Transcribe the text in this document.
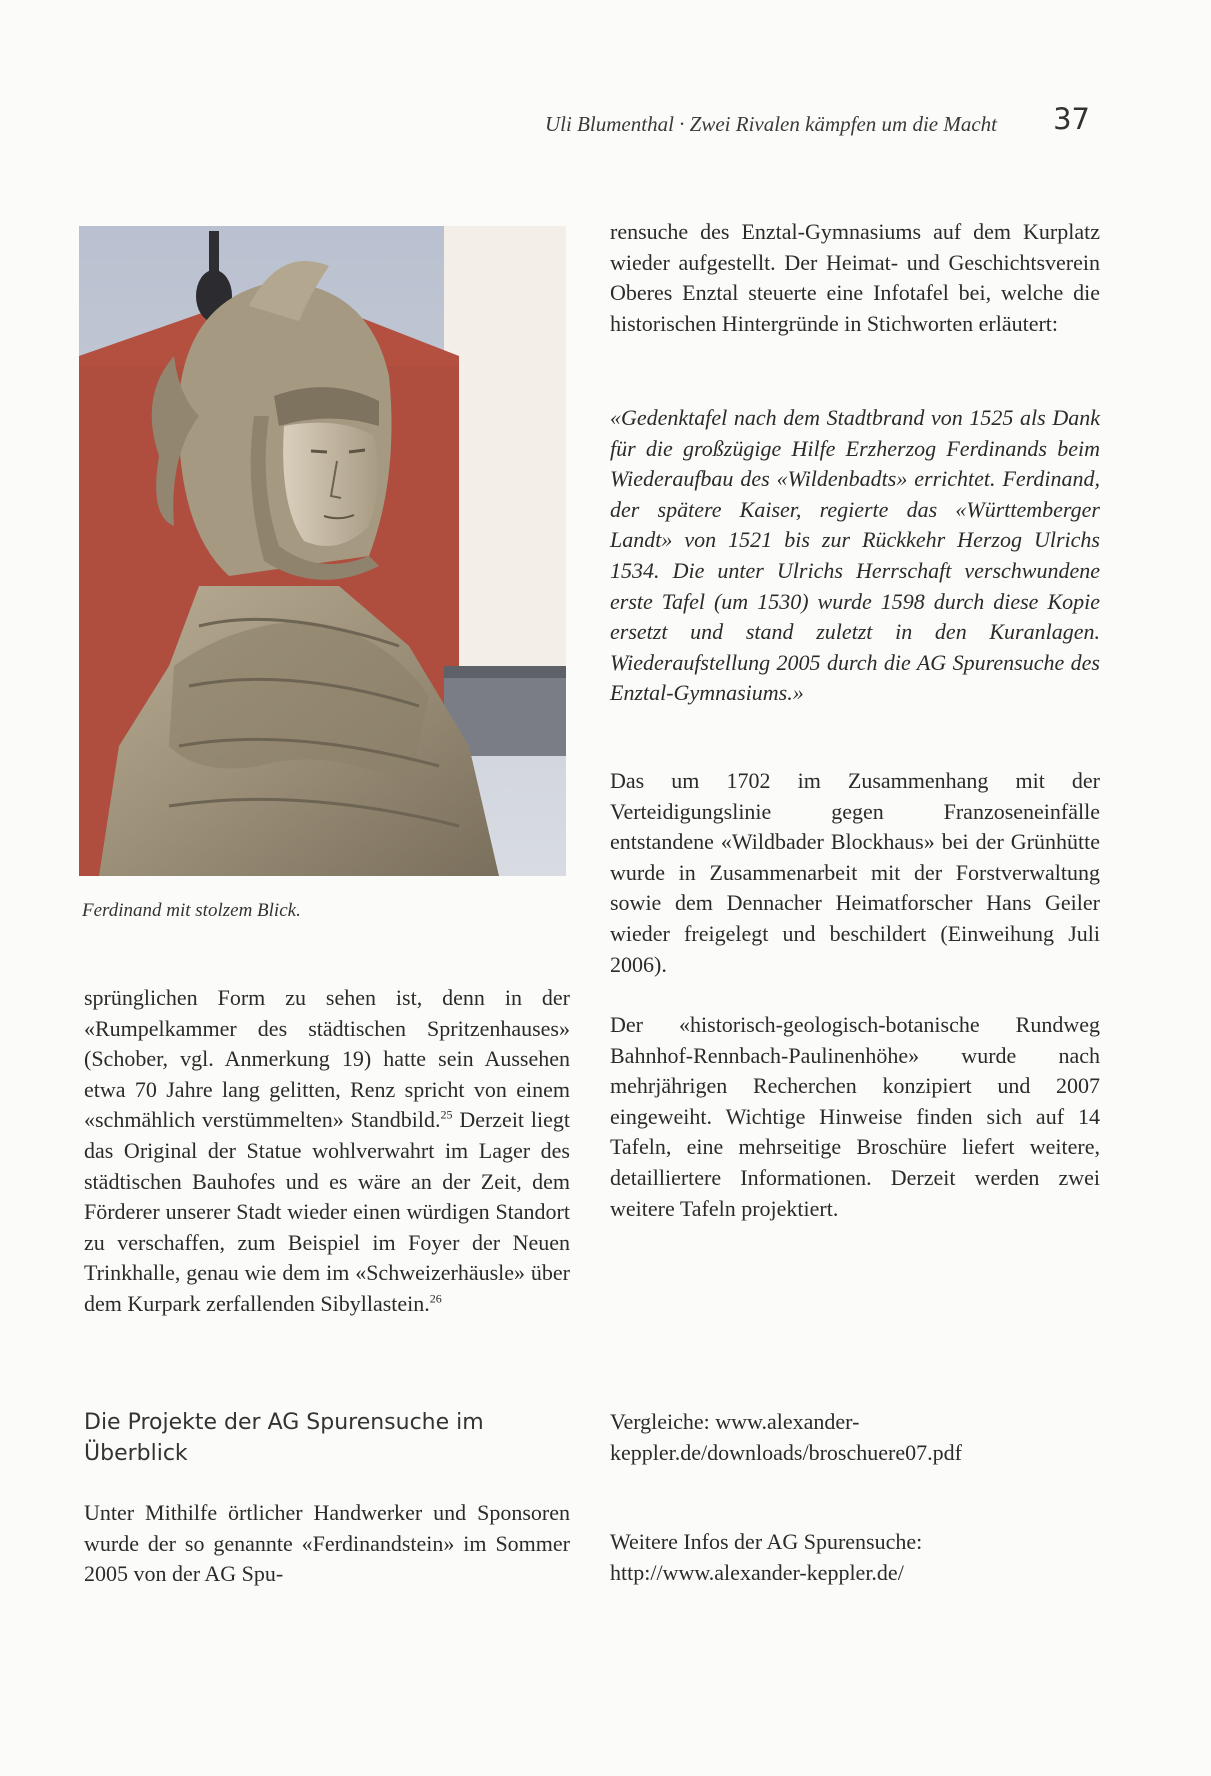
Uli Blumenthal · Zwei Rivalen kämpfen um die Macht 37
Ferdinand mit stolzem Blick.

sprünglichen Form zu sehen ist, denn in der «Rumpelkammer des städtischen Spritzenhauses» (Schober, vgl. Anmerkung 19) hatte sein Aussehen etwa 70 Jahre lang gelitten, Renz spricht von einem «schmählich verstümmelten» Standbild.$^{25}$ Derzeit liegt das Original der Statue wohlverwahrt im Lager des städtischen Bauhofes und es wäre an der Zeit, dem Förderer unserer Stadt wieder einen würdigen Standort zu verschaffen, zum Beispiel im Foyer der Neuen Trinkhalle, genau wie dem im «Schweizerhäusle» über dem Kurpark zerfallenden Sibyllastein.$^{26}$

Die Projekte der AG Spurensuche im Überblick
Unter Mithilfe örtlicher Handwerker und Sponsoren wurde der so genannte «Ferdinandstein» im Sommer 2005 von der AG Spu-
rensuche des Enztal-Gymnasiums auf dem Kurplatz wieder aufgestellt. Der Heimat- und Geschichtsverein Oberes Enztal steuerte eine Infotafel bei, welche die historischen Hintergründe in Stichworten erläutert:
«Gedenktafel nach dem Stadtbrand von 1525 als Dank für die großzügige Hilfe Erzherzog Ferdinands beim Wiederaufbau des «Wildenbadts» errichtet. Ferdinand, der spätere Kaiser, regierte das «Württemberger Landt» von 1521 bis zur Rückkehr Herzog Ulrichs 1534. Die unter Ulrichs Herrschaft verschwundene erste Tafel (um 1530) wurde 1598 durch diese Kopie ersetzt und stand zuletzt in den Kuranlagen. Wiederaufstellung 2005 durch die AG Spurensuche des Enztal-Gymnasiums.»
Das um 1702 im Zusammenhang mit der Verteidigungslinie gegen Franzoseneinfälle entstandene «Wildbader Blockhaus» bei der Grünhütte wurde in Zusammenarbeit mit der Forstverwaltung sowie dem Dennacher Heimatforscher Hans Geiler wieder freigelegt und beschildert (Einweihung Juli 2006).
Der «historisch-geologisch-botanische Rundweg Bahnhof-Rennbach-Paulinenhöhe» wurde nach mehrjährigen Recherchen konzipiert und 2007 eingeweiht. Wichtige Hinweise finden sich auf 14 Tafeln, eine mehrseitige Broschüre liefert weitere, detailliertere Informationen. Derzeit werden zwei weitere Tafeln projektiert.
Vergleiche: www.alexander-keppler.de/downloads/broschuere07.pdf
Weitere Infos der AG Spurensuche:
http://www.alexander-keppler.de/
